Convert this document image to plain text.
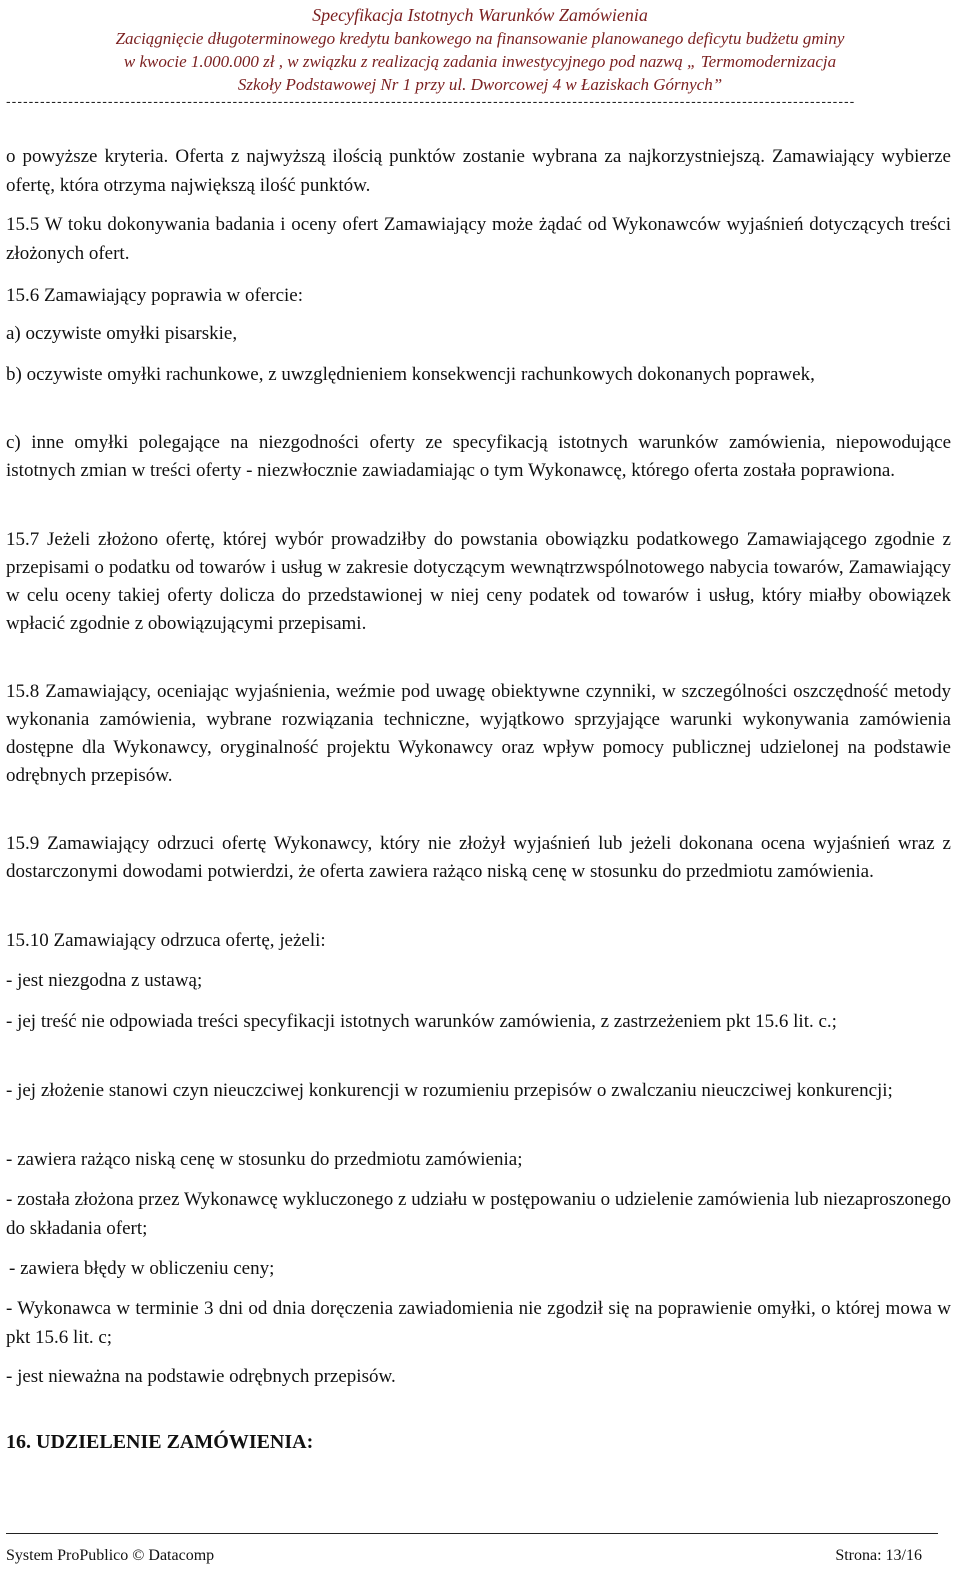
Specyfikacja Istotnych Warunków Zamówienia
Zaciągnięcie długoterminowego kredytu bankowego na finansowanie planowanego deficytu budżetu gminy
w kwocie 1.000.000 zł , w związku z realizacją zadania inwestycyjnego pod nazwą „ Termomodernizacja
Szkoły Podstawowej Nr 1 przy ul. Dworcowej 4 w Łaziskach Górnych”
------------------------------------------------------------------------------------------------------------------------------------------------------

o powyższe kryteria. Oferta z najwyższą ilością punktów zostanie wybrana za najkorzystniejszą. Zamawiający wybierze ofertę, która otrzyma największą ilość punktów.

15.5 W toku dokonywania badania i oceny ofert Zamawiający może żądać od Wykonawców wyjaśnień dotyczących treści złożonych ofert.

15.6 Zamawiający poprawia w ofercie:

a) oczywiste omyłki pisarskie,

b) oczywiste omyłki rachunkowe, z uwzględnieniem konsekwencji rachunkowych dokonanych poprawek,

c) inne omyłki polegające na niezgodności oferty ze specyfikacją istotnych warunków zamówienia, niepowodujące istotnych zmian w treści oferty - niezwłocznie zawiadamiając o tym Wykonawcę, którego oferta została poprawiona.

15.7 Jeżeli złożono ofertę, której wybór prowadziłby do powstania obowiązku podatkowego Zamawiającego zgodnie z przepisami o podatku od towarów i usług w zakresie dotyczącym wewnątrzwspólnotowego nabycia towarów, Zamawiający w celu oceny takiej oferty dolicza do przedstawionej w niej ceny podatek od towarów i usług, który miałby obowiązek wpłacić zgodnie z obowiązującymi przepisami.

15.8 Zamawiający, oceniając wyjaśnienia, weźmie pod uwagę obiektywne czynniki, w szczególności oszczędność metody wykonania zamówienia, wybrane rozwiązania techniczne, wyjątkowo sprzyjające warunki wykonywania zamówienia dostępne dla Wykonawcy, oryginalność projektu Wykonawcy oraz wpływ pomocy publicznej udzielonej na podstawie odrębnych przepisów.

15.9 Zamawiający odrzuci ofertę Wykonawcy, który nie złożył wyjaśnień lub jeżeli dokonana ocena wyjaśnień wraz z dostarczonymi dowodami potwierdzi, że oferta zawiera rażąco niską cenę w stosunku do przedmiotu zamówienia.

15.10 Zamawiający odrzuca ofertę, jeżeli:

- jest niezgodna z ustawą;

- jej treść nie odpowiada treści specyfikacji istotnych warunków zamówienia, z zastrzeżeniem pkt 15.6 lit. c.;

- jej złożenie stanowi czyn nieuczciwej konkurencji w rozumieniu przepisów o zwalczaniu nieuczciwej konkurencji;

- zawiera rażąco niską cenę w stosunku do przedmiotu zamówienia;

- została złożona przez Wykonawcę wykluczonego z udziału w postępowaniu o udzielenie zamówienia lub niezaproszonego do składania ofert;

- zawiera błędy w obliczeniu ceny;

- Wykonawca w terminie 3 dni od dnia doręczenia zawiadomienia nie zgodził się na poprawienie omyłki, o której mowa w pkt 15.6 lit. c;

- jest nieważna na podstawie odrębnych przepisów.

16. UDZIELENIE ZAMÓWIENIA:
System ProPublico © Datacomp	Strona: 13/16
